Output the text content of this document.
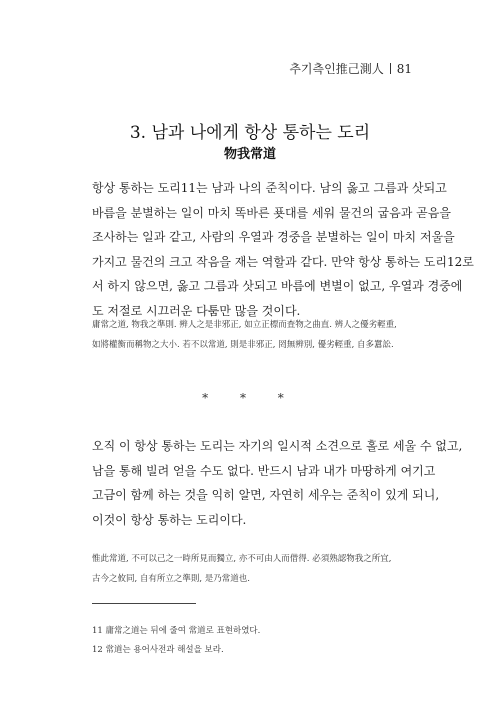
추기측인推己測人 81
3. 남과 나에게 항상 통하는 도리
物我常道
항상 통하는 도리11는 남과 나의 준칙이다. 남의 옳고 그름과 삿되고
바름을 분별하는 일이 마치 똑바른 푯대를 세워 물건의 굽음과 곧음을
조사하는 일과 같고, 사람의 우열과 경중을 분별하는 일이 마치 저울을
가지고 물건의 크고 작음을 재는 역할과 같다. 만약 항상 통하는 도리12로
서 하지 않으면, 옳고 그름과 삿되고 바름에 변별이 없고, 우열과 경중에
도 저절로 시끄러운 다툼만 많을 것이다.
庸常之道, 物我之準則. 辨人之是非邪正, 如立正標而査物之曲直. 辨人之優劣輕重,
如將權衡而稱物之大小. 若不以常道, 則是非邪正, 罔無辨別, 優劣輕重, 自多囂訟.
* * *
오직 이 항상 통하는 도리는 자기의 일시적 소견으로 홀로 세울 수 없고,
남을 통해 빌려 얻을 수도 없다. 반드시 남과 내가 마땅하게 여기고
고금이 함께 하는 것을 익히 알면, 자연히 세우는 준칙이 있게 되니,
이것이 항상 통하는 도리이다.
惟此常道, 不可以己之一時所見而獨立, 亦不可由人而借得. 必須熟認物我之所宜,
古今之攸同, 自有所立之準則, 是乃常道也.
11 庸常之道는 뒤에 줄여 常道로 표현하였다.
12 常道는 용어사전과 해설을 보라.
